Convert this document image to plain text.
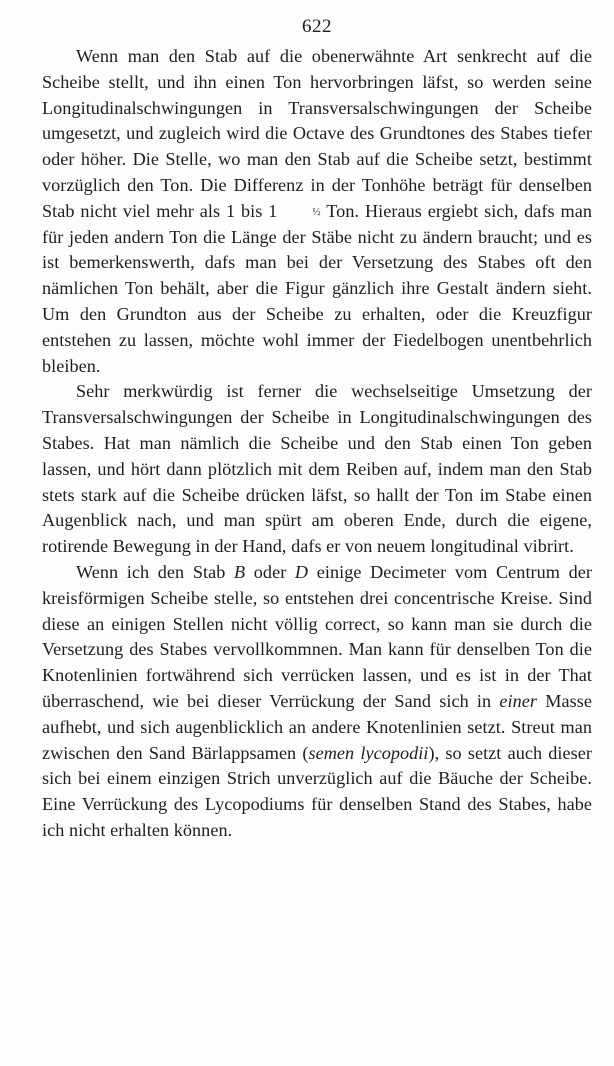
622

Wenn man den Stab auf die obenerwähnte Art senkrecht auf die Scheibe stellt, und ihn einen Ton hervorbringen läfst, so werden seine Longitudinalschwingungen in Transversalschwingungen der Scheibe umgesetzt, und zugleich wird die Octave des Grundtones des Stabes tiefer oder höher. Die Stelle, wo man den Stab auf die Scheibe setzt, bestimmt vorzüglich den Ton. Die Differenz in der Tonhöhe beträgt für denselben Stab nicht viel mehr als 1 bis 1	½ Ton. Hieraus ergiebt sich, dafs man für jeden andern Ton die Länge der Stäbe nicht zu ändern braucht; und es ist bemerkenswerth, dafs man bei der Versetzung des Stabes oft den nämlichen Ton behält, aber die Figur gänzlich ihre Gestalt ändern sieht. Um den Grundton aus der Scheibe zu erhalten, oder die Kreuzfigur entstehen zu lassen, möchte wohl immer der Fiedelbogen unentbehrlich bleiben.

Sehr merkwürdig ist ferner die wechselseitige Umsetzung der Transversalschwingungen der Scheibe in Longitudinalschwingungen des Stabes. Hat man nämlich die Scheibe und den Stab einen Ton geben lassen, und hört dann plötzlich mit dem Reiben auf, indem man den Stab stets stark auf die Scheibe drücken läfst, so hallt der Ton im Stabe einen Augenblick nach, und man spürt am oberen Ende, durch die eigene, rotirende Bewegung in der Hand, dafs er von neuem longitudinal vibrirt.

Wenn ich den Stab B oder D einige Decimeter vom Centrum der kreisförmigen Scheibe stelle, so entstehen drei concentrische Kreise. Sind diese an einigen Stellen nicht völlig correct, so kann man sie durch die Versetzung des Stabes vervollkommnen. Man kann für denselben Ton die Knotenlinien fortwährend sich verrücken lassen, und es ist in der That überraschend, wie bei dieser Verrückung der Sand sich in einer Masse aufhebt, und sich augenblicklich an andere Knotenlinien setzt. Streut man zwischen den Sand Bärlappsamen (semen lycopodii), so setzt auch dieser sich bei einem einzigen Strich unverzüglich auf die Bäuche der Scheibe. Eine Verrückung des Lycopodiums für denselben Stand des Stabes, habe ich nicht erhalten können.
